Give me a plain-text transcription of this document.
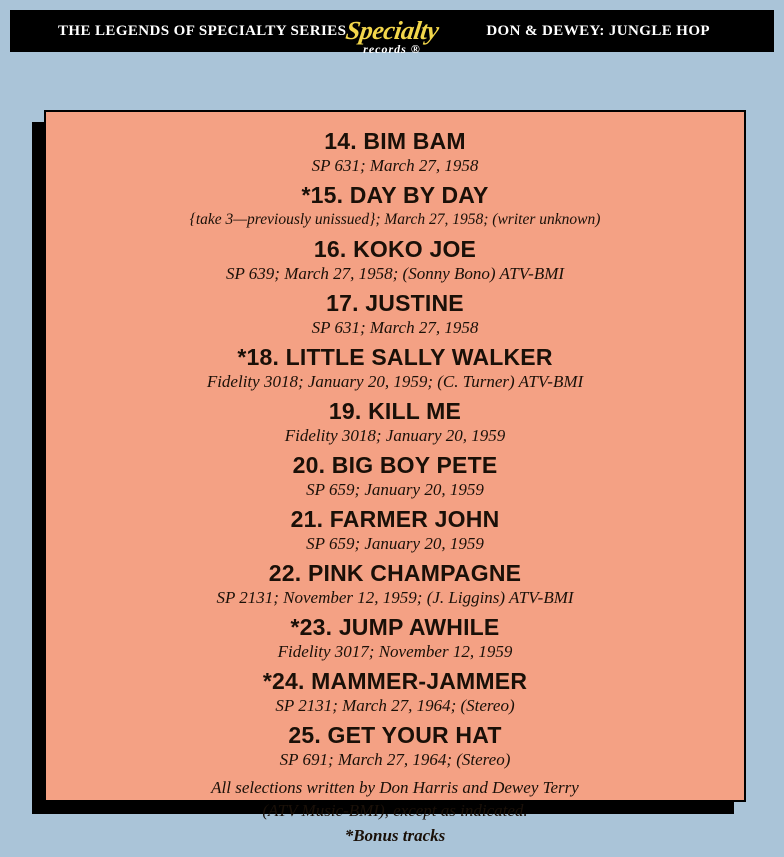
THE LEGENDS OF SPECIALTY SERIES
Specialty
records ®
DON & DEWEY: JUNGLE HOP

14. BIM BAM

SP 631; March 27, 1958

*15. DAY BY DAY

{take 3—previously unissued}; March 27, 1958; (writer unknown)

16. KOKO JOE

SP 639; March 27, 1958; (Sonny Bono) ATV-BMI

17. JUSTINE

SP 631; March 27, 1958

*18. LITTLE SALLY WALKER

Fidelity 3018; January 20, 1959; (C. Turner) ATV-BMI

19. KILL ME

Fidelity 3018; January 20, 1959

20. BIG BOY PETE

SP 659; January 20, 1959

21. FARMER JOHN

SP 659; January 20, 1959

22. PINK CHAMPAGNE

SP 2131; November 12, 1959; (J. Liggins) ATV-BMI

*23. JUMP AWHILE

Fidelity 3017; November 12, 1959

*24. MAMMER-JAMMER

SP 2131; March 27, 1964; (Stereo)

25. GET YOUR HAT

SP 691; March 27, 1964; (Stereo)

All selections written by Don Harris and Dewey Terry

(ATV Music-BMI), except as indicated.

*Bonus tracks
